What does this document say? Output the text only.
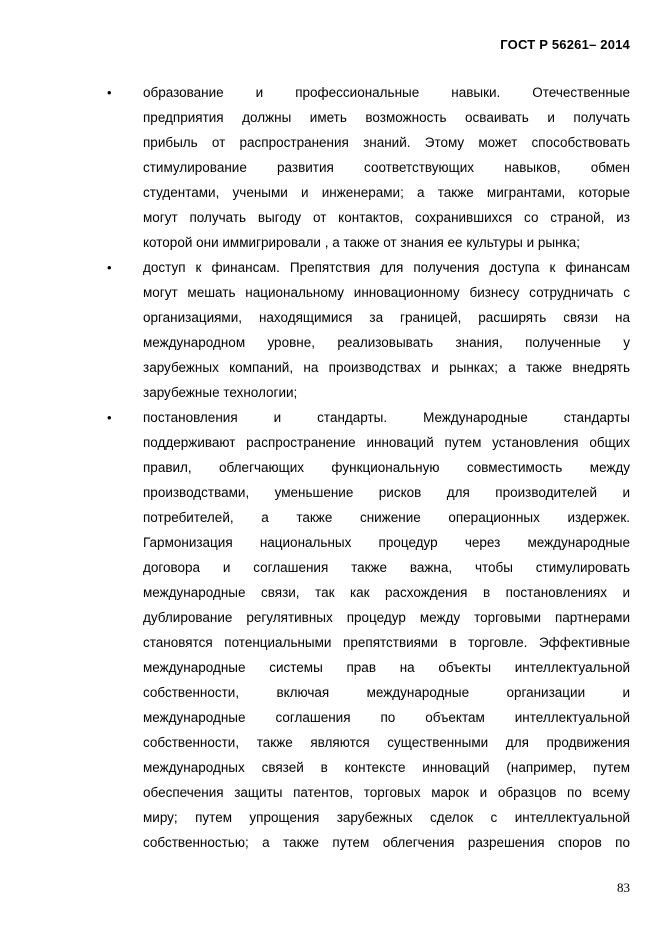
ГОСТ Р 56261– 2014
• образование и профессиональные навыки. Отечественные
предприятия должны иметь возможность осваивать и получать
прибыль от распространения знаний. Этому может способствовать
стимулирование развития соответствующих навыков, обмен
студентами, учеными и инженерами; а также мигрантами, которые
могут получать выгоду от контактов, сохранившихся со страной, из
которой они иммигрировали , а также от знания ее культуры и рынка;
• доступ к финансам. Препятствия для получения доступа к финансам
могут мешать национальному инновационному бизнесу сотрудничать с
организациями, находящимися за границей, расширять связи на
международном уровне, реализовывать знания, полученные у
зарубежных компаний, на производствах и рынках; а также внедрять
зарубежные технологии;
• постановления и стандарты. Международные стандарты
поддерживают распространение инноваций путем установления общих
правил, облегчающих функциональную совместимость между
производствами, уменьшение рисков для производителей и
потребителей, а также снижение операционных издержек.
Гармонизация национальных процедур через международные
договора и соглашения также важна, чтобы стимулировать
международные связи, так как расхождения в постановлениях и
дублирование регулятивных процедур между торговыми партнерами
становятся потенциальными препятствиями в торговле. Эффективные
международные системы прав на объекты интеллектуальной
собственности, включая международные организации и
международные соглашения по объектам интеллектуальной
собственности, также являются существенными для продвижения
международных связей в контексте инноваций (например, путем
обеспечения защиты патентов, торговых марок и образцов по всему
миру; путем упрощения зарубежных сделок с интеллектуальной
собственностью; а также путем облегчения разрешения споров по
83
